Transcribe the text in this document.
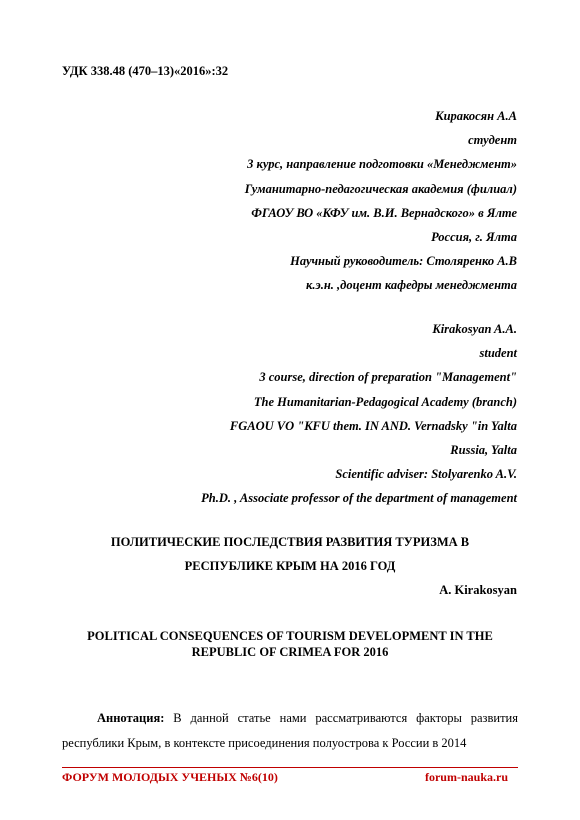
УДК 338.48 (470–13)«2016»:32
Киракосян А.А
студент
3 курс, направление подготовки «Менеджмент»
Гуманитарно-педагогическая академия (филиал)
ФГАОУ ВО «КФУ им. В.И. Вернадского» в Ялте
Россия, г. Ялта
Научный руководитель: Столяренко А.В
к.э.н. ,доцент кафедры менеджмента
Kirakosyan A.A.
student
3 course, direction of preparation "Management"
The Humanitarian-Pedagogical Academy (branch)
FGAOU VO "KFU them. IN AND. Vernadsky "in Yalta
Russia, Yalta
Scientific adviser: Stolyarenko A.V.
Ph.D. , Associate professor of the department of management
ПОЛИТИЧЕСКИЕ ПОСЛЕДСТВИЯ РАЗВИТИЯ ТУРИЗМА В
РЕСПУБЛИКЕ КРЫМ НА 2016 ГОД
A. Kirakosyan
POLITICAL CONSEQUENCES OF TOURISM DEVELOPMENT IN THE
REPUBLIC OF CRIMEA FOR 2016

Аннотация: В данной статье нами рассматриваются факторы развития республики Крым, в контексте присоединения полуострова к России в 2014

ФОРУМ МОЛОДЫХ УЧЕНЫХ №6(10)	forum-nauka.ru
